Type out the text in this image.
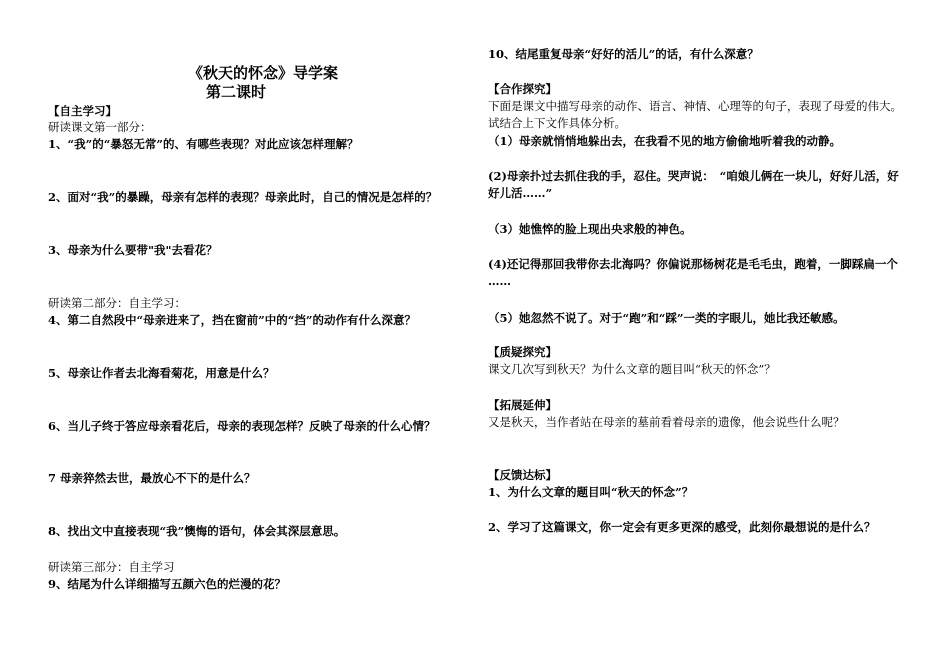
《秋天的怀念》导学案
第二课时
【自主学习】
研读课文第一部分：
1、“我”的“暴怒无常”的、有哪些表现？对此应该怎样理解？
2、面对“我”的暴躁，母亲有怎样的表现？母亲此时，自己的情况是怎样的？
3、母亲为什么要带"我"去看花？
研读第二部分：自主学习：
4、第二自然段中“母亲进来了，挡在窗前”中的“挡”的动作有什么深意？
5、母亲让作者去北海看菊花，用意是什么？
6、当儿子终于答应母亲看花后，母亲的表现怎样？反映了母亲的什么心情？
7 母亲猝然去世，最放心不下的是什么？
8、找出文中直接表现“我”懊悔的语句，体会其深层意思。
研读第三部分：自主学习
9、结尾为什么详细描写五颜六色的烂漫的花？
10、结尾重复母亲“好好的活儿”的话，有什么深意？
【合作探究】
下面是课文中描写母亲的动作、语言、神情、心理等的句子，表现了母爱的伟大。
试结合上下文作具体分析。
（1）母亲就悄悄地躲出去，在我看不见的地方偷偷地听着我的动静。
(2)母亲扑过去抓住我的手，忍住。哭声说：　“咱娘儿俩在一块儿，好好儿活，好
好儿活……”
（3）她憔悴的脸上现出央求般的神色。
(4)还记得那回我带你去北海吗？你偏说那杨树花是毛毛虫，跑着，一脚踩扁一个
……
（5）她忽然不说了。对于“跑”和“踩”一类的字眼儿，她比我还敏感。
【质疑探究】
课文几次写到秋天？为什么文章的题目叫“秋天的怀念”？
【拓展延伸】
又是秋天，当作者站在母亲的墓前看着母亲的遗像，他会说些什么呢？
【反馈达标】
1、为什么文章的题目叫“秋天的怀念”？
2、学习了这篇课文，你一定会有更多更深的感受，此刻你最想说的是什么？
